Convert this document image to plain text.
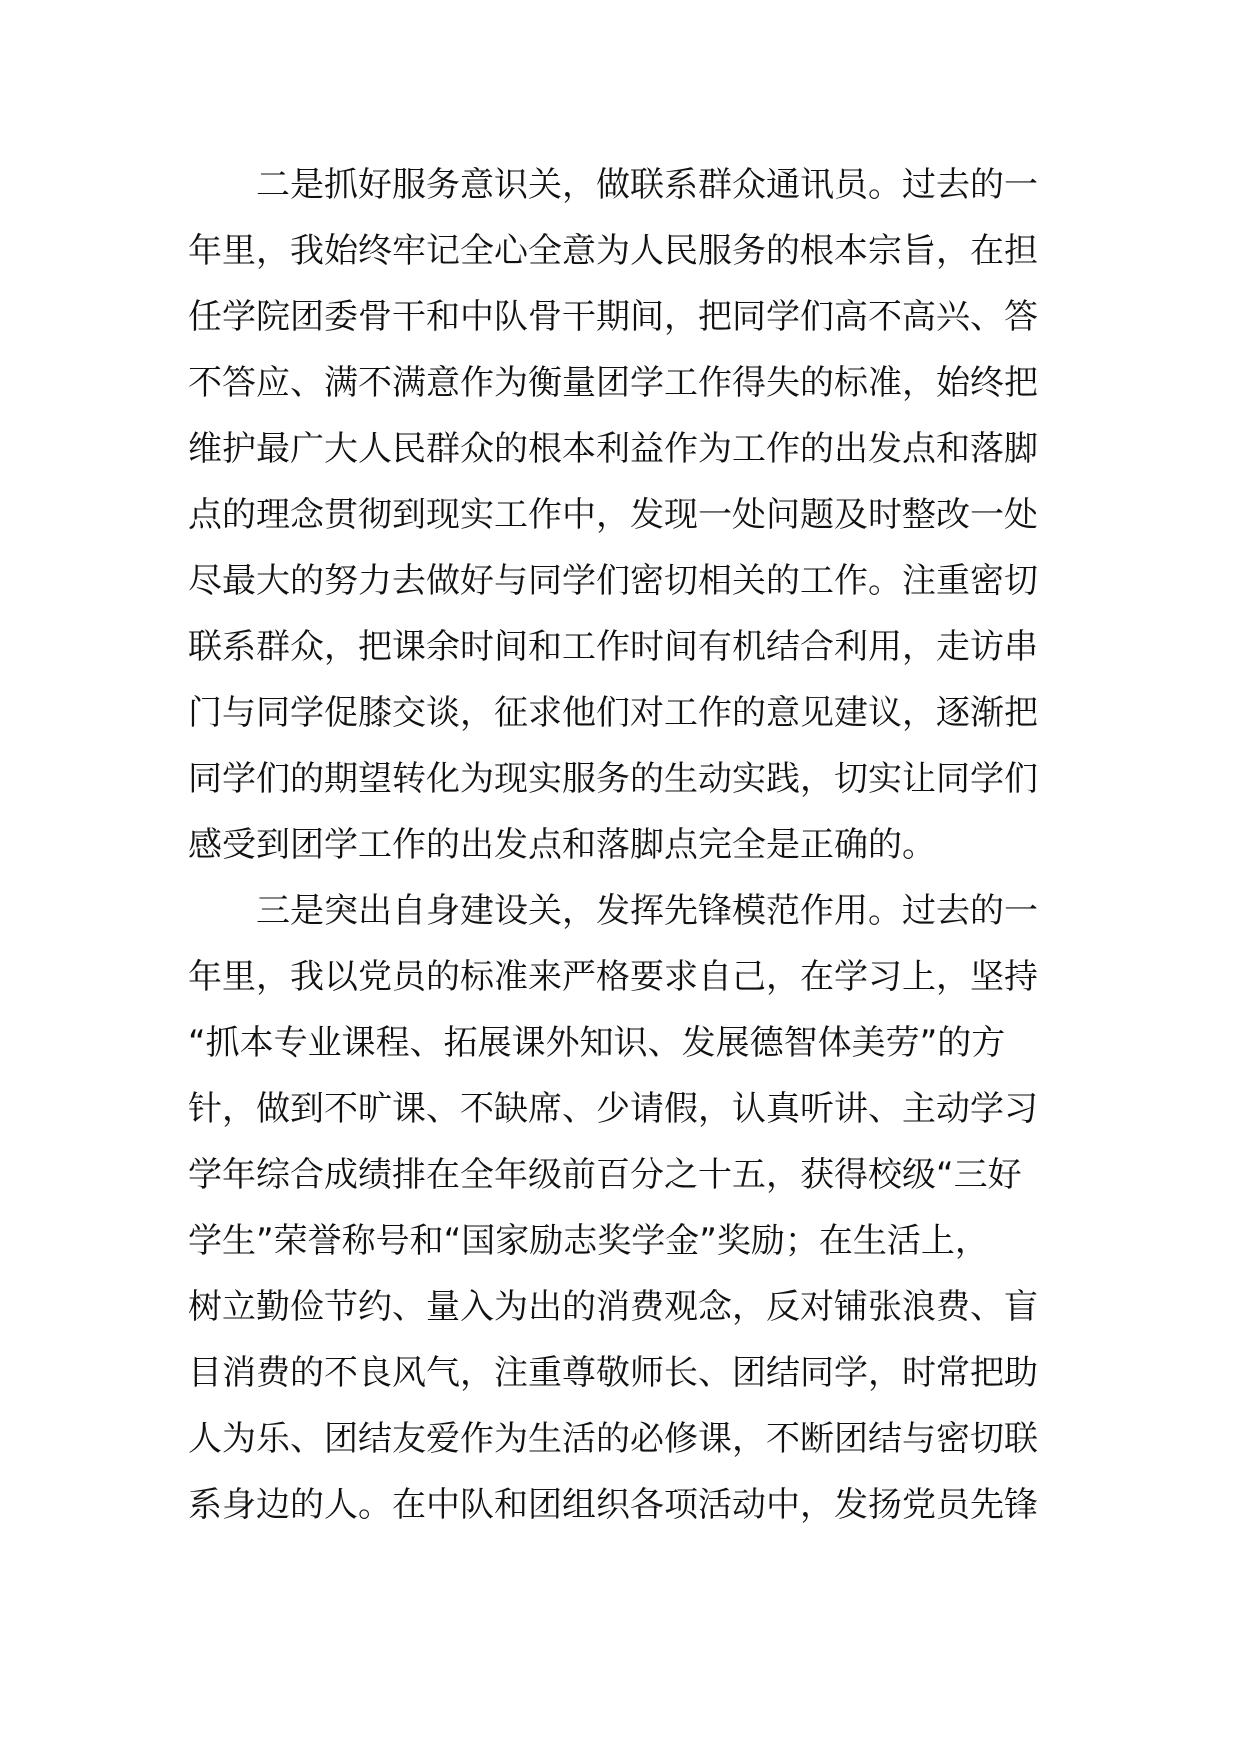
二是抓好服务意识关，做联系群众通讯员。过去的一
年里，我始终牢记全心全意为人民服务的根本宗旨，在担
任学院团委骨干和中队骨干期间，把同学们高不高兴、答
不答应、满不满意作为衡量团学工作得失的标准，始终把
维护最广大人民群众的根本利益作为工作的出发点和落脚
点的理念贯彻到现实工作中，发现一处问题及时整改一处
尽最大的努力去做好与同学们密切相关的工作。注重密切
联系群众，把课余时间和工作时间有机结合利用，走访串
门与同学促膝交谈，征求他们对工作的意见建议，逐渐把
同学们的期望转化为现实服务的生动实践，切实让同学们
感受到团学工作的出发点和落脚点完全是正确的。
三是突出自身建设关，发挥先锋模范作用。过去的一
年里，我以党员的标准来严格要求自己，在学习上，坚持
“抓本专业课程、拓展课外知识、发展德智体美劳”的方
针，做到不旷课、不缺席、少请假，认真听讲、主动学习
学年综合成绩排在全年级前百分之十五，获得校级“三好
学生”荣誉称号和“国家励志奖学金”奖励；在生活上，
树立勤俭节约、量入为出的消费观念，反对铺张浪费、盲
目消费的不良风气，注重尊敬师长、团结同学，时常把助
人为乐、团结友爱作为生活的必修课，不断团结与密切联
系身边的人。在中队和团组织各项活动中，发扬党员先锋
